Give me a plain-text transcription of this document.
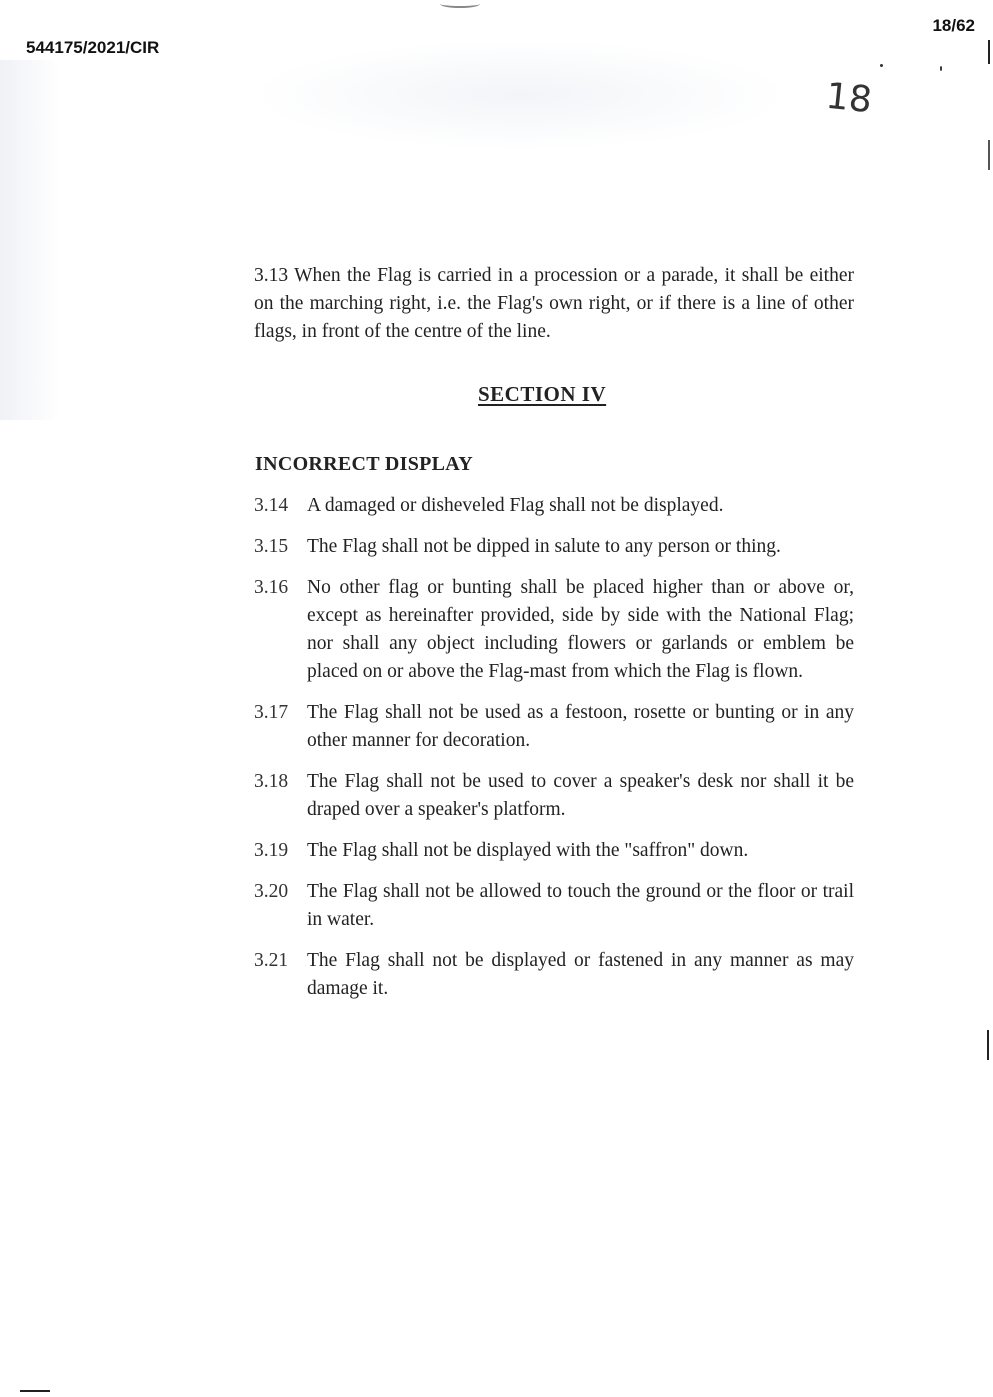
544175/2021/CIR
18/62
18

3.13 When the Flag is carried in a procession or a parade, it shall be either on the marching right, i.e. the Flag's own right, or if there is a line of other flags, in front of the centre of the line.

SECTION IV
INCORRECT DISPLAY
3.14 A damaged or disheveled Flag shall not be displayed.
3.15 The Flag shall not be dipped in salute to any person or thing.
3.16 No other flag or bunting shall be placed higher than or above or, except as hereinafter provided, side by side with the National Flag; nor shall any object including flowers or garlands or emblem be placed on or above the Flag-mast from which the Flag is flown.
3.17 The Flag shall not be used as a festoon, rosette or bunting or in any other manner for decoration.
3.18 The Flag shall not be used to cover a speaker's desk nor shall it be draped over a speaker's platform.
3.19 The Flag shall not be displayed with the "saffron" down.
3.20 The Flag shall not be allowed to touch the ground or the floor or trail in water.
3.21 The Flag shall not be displayed or fastened in any manner as may damage it.
